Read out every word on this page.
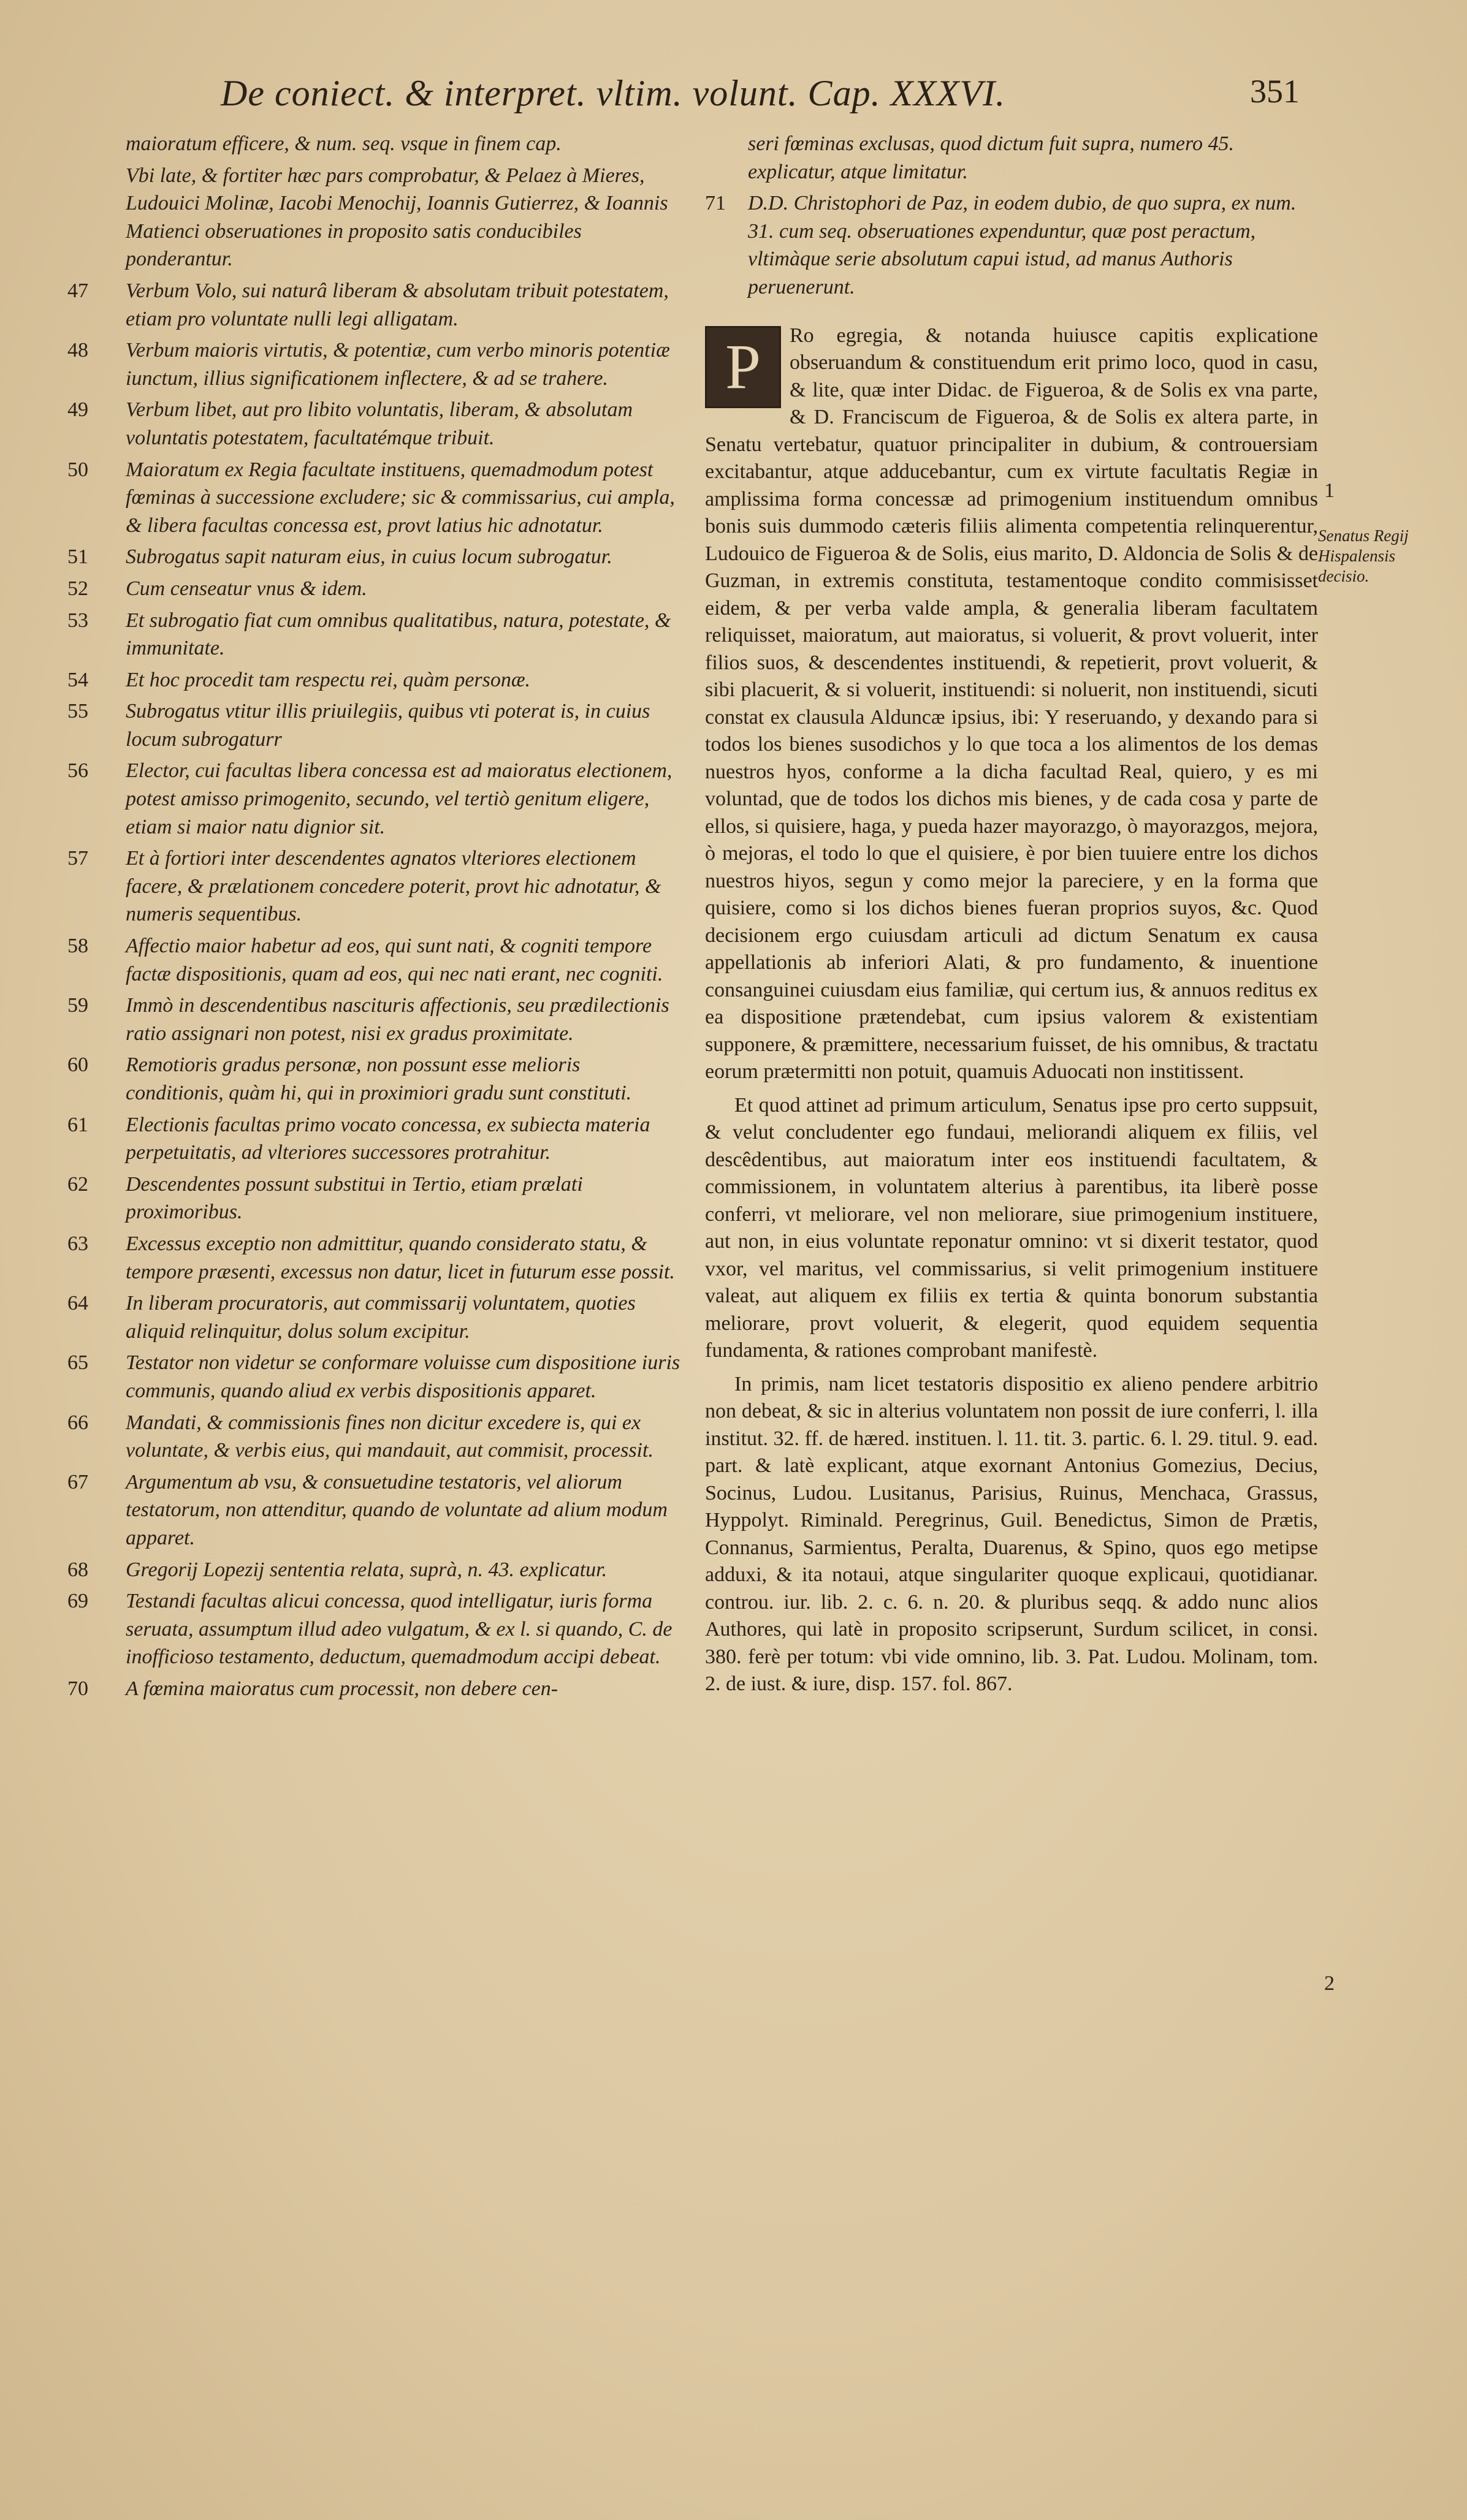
De coniect. & interpret. vltim. volunt. Cap. XXXVI.	351
maioratum efficere, & num. seq. vsque in finem cap.
Vbi late, & fortiter hæc pars comprobatur, & Pelaez à Mieres, Ludouici Molinæ, Iacobi Menochij, Ioannis Gutierrez, & Ioannis Matienci obseruationes in proposito satis conducibiles ponderantur.
47 Verbum Volo, sui naturâ liberam & absolutam tribuit potestatem, etiam pro voluntate nulli legi alligatam.
48 Verbum maioris virtutis, & potentiæ, cum verbo minoris potentiæ iunctum, illius significationem inflectere, & ad se trahere.
49 Verbum libet, aut pro libito voluntatis, liberam, & absolutam voluntatis potestatem, facultatémque tribuit.
50 Maioratum ex Regia facultate instituens, quemadmodum potest fœminas à successione excludere; sic & commissarius, cui ampla, & libera facultas concessa est, provt latius hic adnotatur.
51 Subrogatus sapit naturam eius, in cuius locum subrogatur.
52 Cum censeatur vnus & idem.
53 Et subrogatio fiat cum omnibus qualitatibus, natura, potestate, & immunitate.
54 Et hoc procedit tam respectu rei, quàm personæ.
55 Subrogatus vtitur illis priuilegiis, quibus vti poterat is, in cuius locum subrogaturr
56 Elector, cui facultas libera concessa est ad maioratus electionem, potest amisso primogenito, secundo, vel tertiò genitum eligere, etiam si maior natu dignior sit.
57 Et à fortiori inter descendentes agnatos vlteriores electionem facere, & prælationem concedere poterit, provt hic adnotatur, & numeris sequentibus.
58 Affectio maior habetur ad eos, qui sunt nati, & cogniti tempore factæ dispositionis, quam ad eos, qui nec nati erant, nec cogniti.
59 Immò in descendentibus nascituris affectionis, seu prædilectionis ratio assignari non potest, nisi ex gradus proximitate.
60 Remotioris gradus personæ, non possunt esse melioris conditionis, quàm hi, qui in proximiori gradu sunt constituti.
61 Electionis facultas primo vocato concessa, ex subiecta materia perpetuitatis, ad vlteriores successores protrahitur.
62 Descendentes possunt substitui in Tertio, etiam prælati proximoribus.
63 Excessus exceptio non admittitur, quando considerato statu, & tempore præsenti, excessus non datur, licet in futurum esse possit.
64 In liberam procuratoris, aut commissarij voluntatem, quoties aliquid relinquitur, dolus solum excipitur.
65 Testator non videtur se conformare voluisse cum dispositione iuris communis, quando aliud ex verbis dispositionis apparet.
66 Mandati, & commissionis fines non dicitur excedere is, qui ex voluntate, & verbis eius, qui mandauit, aut commisit, processit.
67 Argumentum ab vsu, & consuetudine testatoris, vel aliorum testatorum, non attenditur, quando de voluntate ad alium modum apparet.
68 Gregorij Lopezij sententia relata, suprà, n. 43. explicatur.
69 Testandi facultas alicui concessa, quod intelligatur, iuris forma seruata, assumptum illud adeo vulgatum, & ex l. si quando, C. de inofficioso testamento, deductum, quemadmodum accipi debeat.
70 A fœmina maioratus cum processit, non debere cen-
seri fœminas exclusas, quod dictum fuit supra, numero 45. explicatur, atque limitatur.
71 D.D. Christophori de Paz, in eodem dubio, de quo supra, ex num. 31. cum seq. obseruationes expenduntur, quæ post peractum, vltimàque serie absolutum capui istud, ad manus Authoris peruenerunt.

P	Ro egregia, & notanda huiusce capitis explicatione obseruandum & constituendum erit primo loco, quod in casu, & lite, quæ inter Didac. de Figueroa, & de Solis ex vna parte, & D. Franciscum de Figueroa, & de Solis ex altera parte, in Senatu vertebatur, quatuor principaliter in dubium, & controuersiam excitabantur, atque adducebantur, cum ex virtute facultatis Regiæ in amplissima forma concessæ ad primogenium instituendum omnibus bonis suis dummodo cæteris filiis alimenta competentia relinquerentur, Ludouico de Figueroa & de Solis, eius marito, D. Aldoncia de Solis & de Guzman, in extremis constituta, testamentoque condito commisisset eidem, & per verba valde ampla, & generalia liberam facultatem reliquisset, maioratum, aut maioratus, si voluerit, & provt voluerit, inter filios suos, & descendentes instituendi, & repetierit, provt voluerit, & sibi placuerit, & si voluerit, instituendi: si noluerit, non instituendi, sicuti constat ex clausula Alduncæ ipsius, ibi: Y reseruando, y dexando para si todos los bienes susodichos y lo que toca a los alimentos de los demas nuestros hyos, conforme a la dicha facultad Real, quiero, y es mi voluntad, que de todos los dichos mis bienes, y de cada cosa y parte de ellos, si quisiere, haga, y pueda hazer mayorazgo, ò mayorazgos, mejora, ò mejoras, el todo lo que el quisiere, è por bien tuuiere entre los dichos nuestros hiyos, segun y como mejor la pareciere, y en la forma que quisiere, como si los dichos bienes fueran proprios suyos, &c. Quod decisionem ergo cuiusdam articuli ad dictum Senatum ex causa appellationis ab inferiori Alati, & pro fundamento, & inuentione consanguinei cuiusdam eius familiæ, qui certum ius, & annuos reditus ex ea dispositione prætendebat, cum ipsius valorem & existentiam supponere, & præmittere, necessarium fuisset, de his omnibus, & tractatu eorum prætermitti non potuit, quamuis Aduocati non institissent.

Et quod attinet ad primum articulum, Senatus ipse pro certo suppsuit, & velut concludenter ego fundaui, meliorandi aliquem ex filiis, vel descêdentibus, aut maioratum inter eos instituendi facultatem, & commissionem, in voluntatem alterius à parentibus, ita liberè posse conferri, vt meliorare, vel non meliorare, siue primogenium instituere, aut non, in eius voluntate reponatur omnino: vt si dixerit testator, quod vxor, vel maritus, vel commissarius, si velit primogenium instituere valeat, aut aliquem ex filiis ex tertia & quinta bonorum substantia meliorare, provt voluerit, & elegerit, quod equidem sequentia fundamenta, & rationes comprobant manifestè.

In primis, nam licet testatoris dispositio ex alieno pendere arbitrio non debeat, & sic in alterius voluntatem non possit de iure conferri, l. illa institut. 32. ff. de hæred. instituen. l. 11. tit. 3. partic. 6. l. 29. titul. 9. ead. part. & latè explicant, atque exornant Antonius Gomezius, Decius, Socinus, Ludou. Lusitanus, Parisius, Ruinus, Menchaca, Grassus, Hyppolyt. Riminald. Peregrinus, Guil. Benedictus, Simon de Prætis, Connanus, Sarmientus, Peralta, Duarenus, & Spino, quos ego metipse adduxi, & ita notaui, atque singulariter quoque explicaui, quotidianar. controu. iur. lib. 2. c. 6. n. 20. & pluribus seqq. & addo nunc alios Authores, qui latè in proposito scripserunt, Surdum scilicet, in consi. 380. ferè per totum: vbi vide omnino, lib. 3. Pat. Ludou. Molinam, tom. 2. de iust. & iure, disp. 157. fol. 867.

1
Senatus Regij Hispalensis decisio.
2
